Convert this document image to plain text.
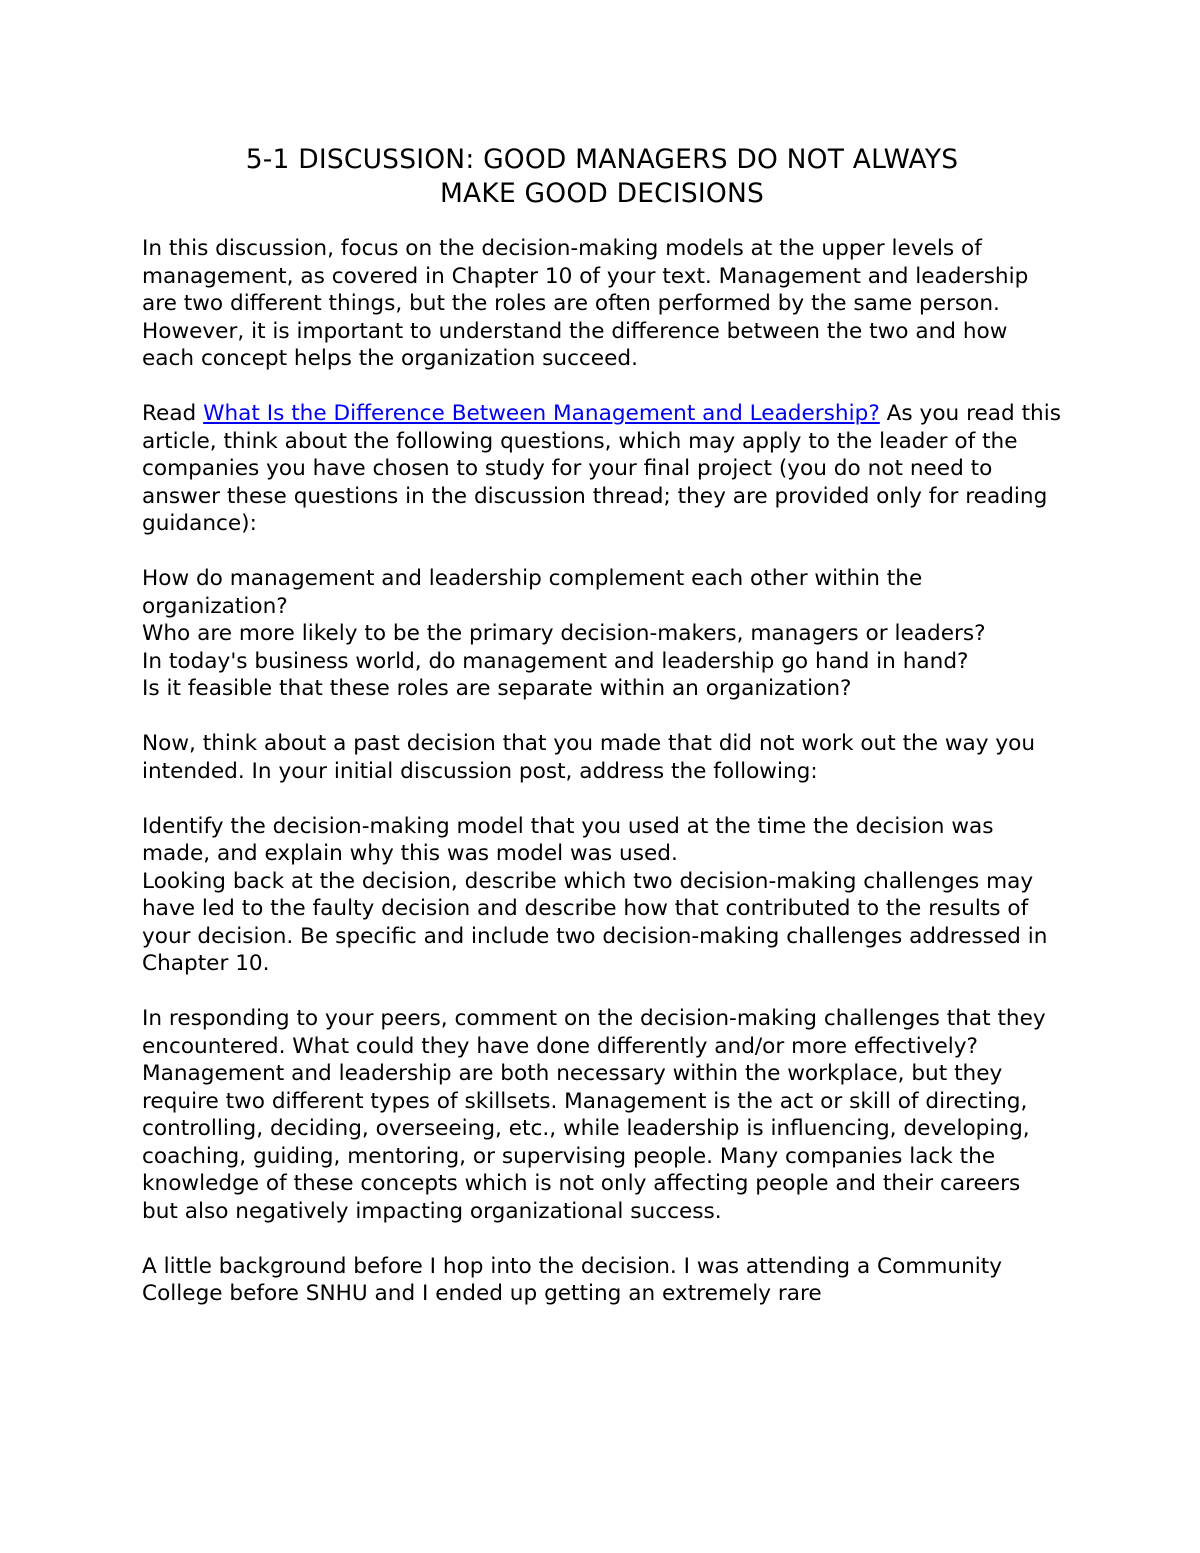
5-1 DISCUSSION: GOOD MANAGERS DO NOT ALWAYS
MAKE GOOD DECISIONS

In this discussion, focus on the decision-making models at the upper levels of management, as covered in Chapter 10 of your text. Management and leadership are two different things, but the roles are often performed by the same person. However, it is important to understand the difference between the two and how each concept helps the organization succeed.

Read What Is the Difference Between Management and Leadership? As you read this article, think about the following questions, which may apply to the leader of the companies you have chosen to study for your final project (you do not need to answer these questions in the discussion thread; they are provided only for reading guidance):

How do management and leadership complement each other within the organization?
Who are more likely to be the primary decision-makers, managers or leaders?
In today's business world, do management and leadership go hand in hand?
Is it feasible that these roles are separate within an organization?

Now, think about a past decision that you made that did not work out the way you intended. In your initial discussion post, address the following:

Identify the decision-making model that you used at the time the decision was made, and explain why this was model was used.
Looking back at the decision, describe which two decision-making challenges may have led to the faulty decision and describe how that contributed to the results of your decision. Be specific and include two decision-making challenges addressed in Chapter 10.

In responding to your peers, comment on the decision-making challenges that they encountered. What could they have done differently and/or more effectively?
Management and leadership are both necessary within the workplace, but they require two different types of skillsets. Management is the act or skill of directing, controlling, deciding, overseeing, etc., while leadership is influencing, developing, coaching, guiding, mentoring, or supervising people. Many companies lack the knowledge of these concepts which is not only affecting people and their careers but also negatively impacting organizational success.

A little background before I hop into the decision. I was attending a Community College before SNHU and I ended up getting an extremely rare
